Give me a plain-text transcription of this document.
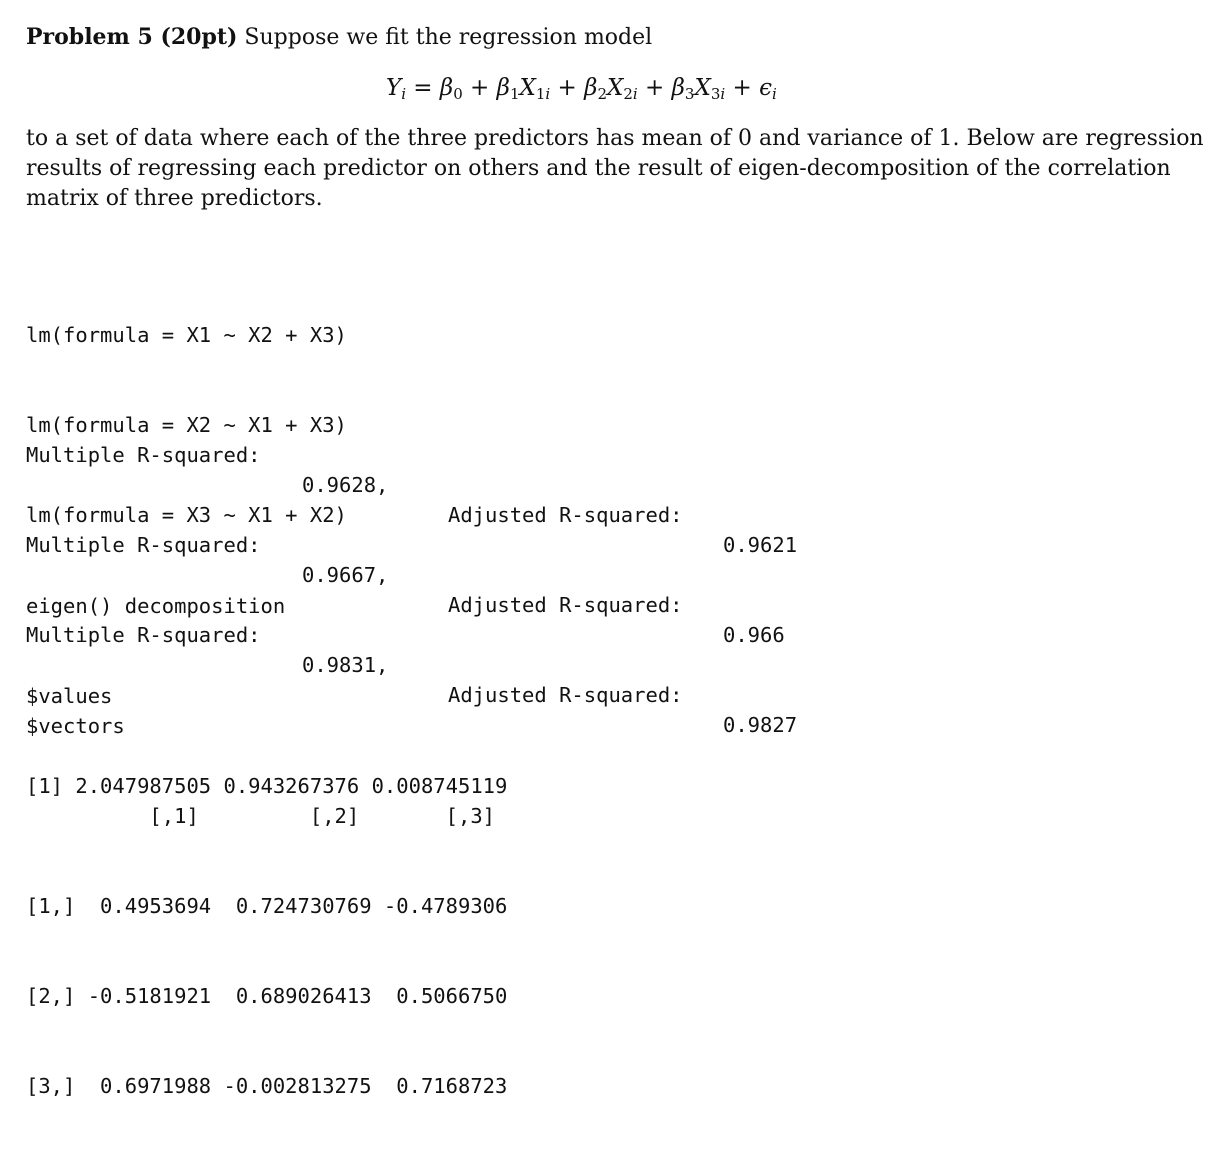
Problem 5 (20pt) Suppose we fit the regression model
$Y_i = \beta_0 + \beta_1X_{1i} + \beta_2X_{2i} + \beta_3X_{3i} + \epsilon_i$
to a set of data where each of the three predictors has mean of 0 and variance of 1. Below are regression
results of regressing each predictor on others and the result of eigen-decomposition of the correlation
matrix of three predictors.

lm(formula = X1 ~ X2 + X3)

Multiple R-squared:

0.9628,

Adjusted R-squared:

0.9621

lm(formula = X2 ~ X1 + X3)

Multiple R-squared:

0.9667,

Adjusted R-squared:

0.966

lm(formula = X3 ~ X1 + X2)

Multiple R-squared:

0.9831,

Adjusted R-squared:

0.9827

eigen() decomposition

$values

[1] 2.047987505 0.943267376 0.008745119

$vectors

[,1]         [,2]       [,3]

[1,]  0.4953694  0.724730769 -0.4789306

[2,] -0.5181921  0.689026413  0.5066750

[3,]  0.6971988 -0.002813275  0.7168723
